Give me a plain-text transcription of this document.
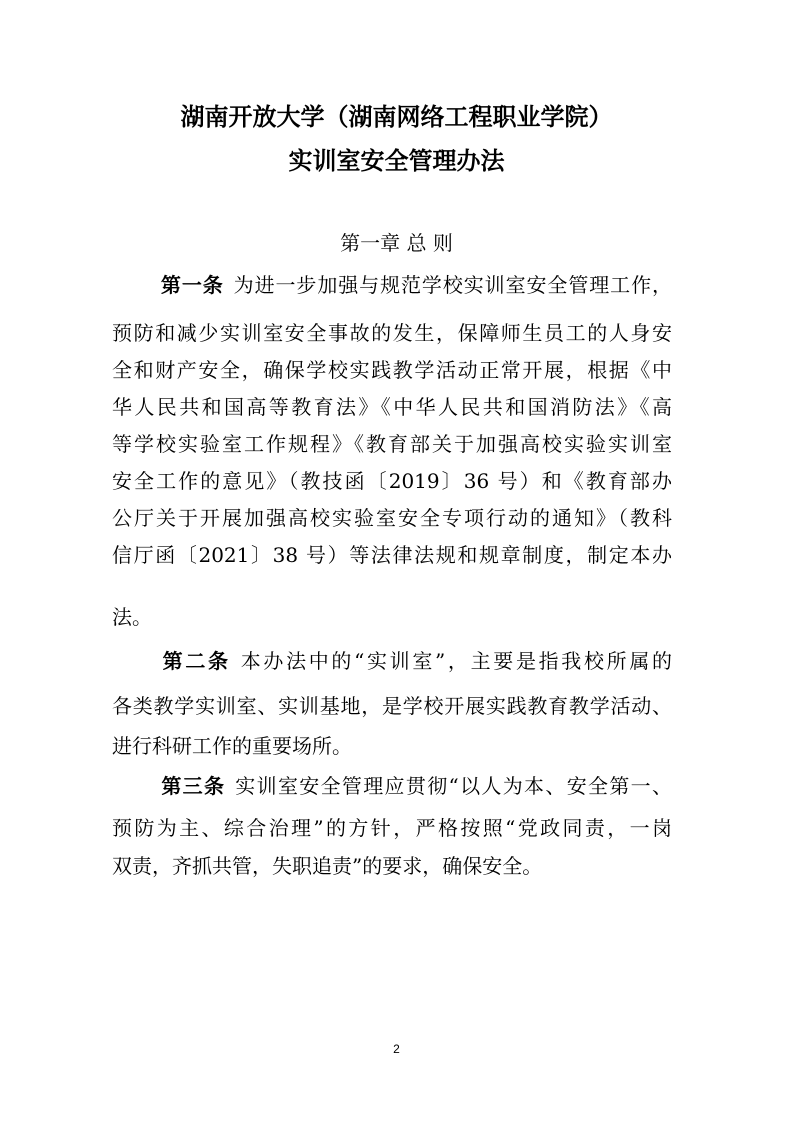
湖南开放大学（湖南网络工程职业学院）
实训室安全管理办法
第一章 总 则
第一条 为进一步加强与规范学校实训室安全管理工作，
预防和减少实训室安全事故的发生，保障师生员工的人身安
全和财产安全，确保学校实践教学活动正常开展，根据《中
华人民共和国高等教育法》《中华人民共和国消防法》《高
等学校实验室工作规程》《教育部关于加强高校实验实训室
安全工作的意见》（教技函〔2019〕36 号）和《教育部办
公厅关于开展加强高校实验室安全专项行动的通知》（教科
信厅函〔2021〕38 号）等法律法规和规章制度，制定本办
法。
第二条 本办法中的“实训室”，主要是指我校所属的
各类教学实训室、实训基地，是学校开展实践教育教学活动、
进行科研工作的重要场所。
第三条 实训室安全管理应贯彻“以人为本、安全第一、
预防为主、综合治理”的方针，严格按照“党政同责，一岗
双责，齐抓共管，失职追责”的要求，确保安全。
2
